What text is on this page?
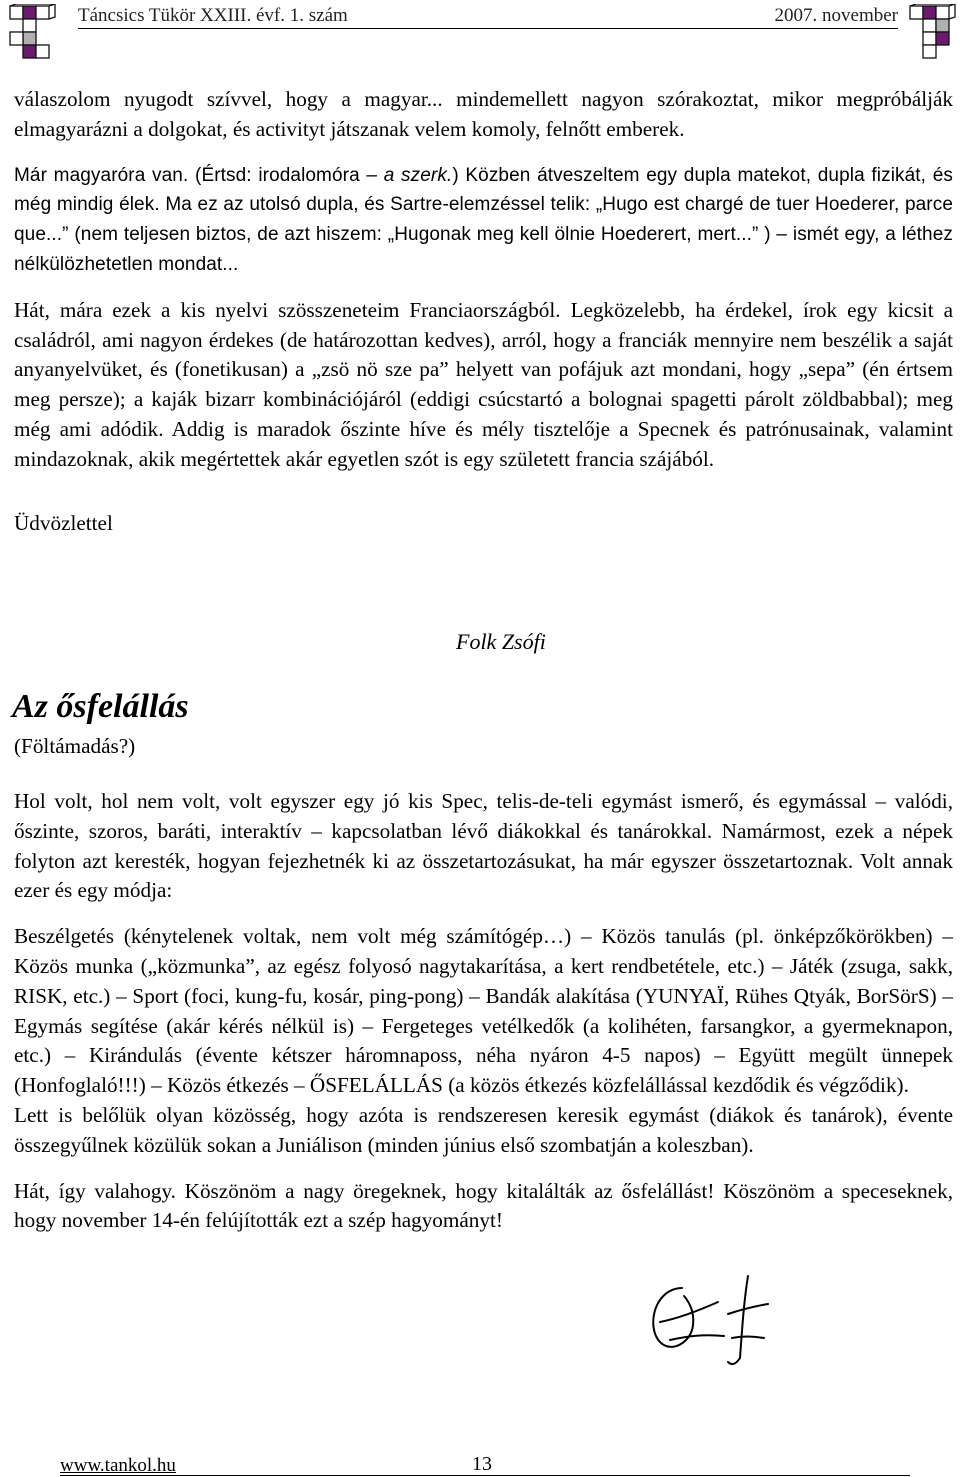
Táncsics Tükör XXIII. évf. 1. szám	2007. november

válaszolom nyugodt szívvel, hogy a magyar... mindemellett nagyon szórakoztat, mikor megpróbálják elmagyarázni a dolgokat, és activityt játszanak velem komoly, felnőtt emberek.

Már magyaróra van. (Értsd: irodalomóra – a szerk.) Közben átveszeltem egy dupla matekot, dupla fizikát, és még mindig élek. Ma ez az utolsó dupla, és Sartre-elemzéssel telik: „Hugo est chargé de tuer Hoederer, parce que...” (nem teljesen biztos, de azt hiszem: „Hugonak meg kell ölnie Hoederert, mert...” ) – ismét egy, a léthez nélkülözhetetlen mondat...

Hát, mára ezek a kis nyelvi szösszeneteim Franciaországból. Legközelebb, ha érdekel, írok egy kicsit a családról, ami nagyon érdekes (de határozottan kedves), arról, hogy a franciák mennyire nem beszélik a saját anyanyelvüket, és (fonetikusan) a „zsö nö sze pa” helyett van pofájuk azt mondani, hogy „sepa” (én értsem meg persze); a kaják bizarr kombinációjáról (eddigi csúcstartó a bolognai spagetti párolt zöldbabbal); meg még ami adódik. Addig is maradok őszinte híve és mély tisztelője a Specnek és patrónusainak, valamint mindazoknak, akik megértettek akár egyetlen szót is egy született francia szájából.

Üdvözlettel

Folk Zsófi
Az ősfelállás
(Föltámadás?)

Hol volt, hol nem volt, volt egyszer egy jó kis Spec, telis-de-teli egymást ismerő, és egymással – valódi, őszinte, szoros, baráti, interaktív – kapcsolatban lévő diákokkal és tanárokkal. Namármost, ezek a népek folyton azt keresték, hogyan fejezhetnék ki az összetartozásukat, ha már egyszer összetartoznak. Volt annak ezer és egy módja:

Beszélgetés (kénytelenek voltak, nem volt még számítógép…) – Közös tanulás (pl. önképzőkörökben) – Közös munka („közmunka”, az egész folyosó nagytakarítása, a kert rendbetétele, etc.) – Játék (zsuga, sakk, RISK, etc.) – Sport (foci, kung-fu, kosár, ping-pong) – Bandák alakítása (YUNYAÏ, Rühes Qtyák, BorSörS) – Egymás segítése (akár kérés nélkül is) – Fergeteges vetélkedők (a kolihéten, farsangkor, a gyermeknapon, etc.) – Kirándulás (évente kétszer háromnaposs, néha nyáron 4-5 napos) – Együtt megült ünnepek (Honfoglaló!!!) – Közös étkezés – ŐSFELÁLLÁS (a közös étkezés közfelállással kezdődik és végződik).

Lett is belőlük olyan közösség, hogy azóta is rendszeresen keresik egymást (diákok és tanárok), évente összegyűlnek közülük sokan a Juniálison (minden június első szombatján a koleszban).

Hát, így valahogy. Köszönöm a nagy öregeknek, hogy kitalálták az ősfelállást! Köszönöm a speceseknek, hogy november 14-én felújították ezt a szép hagyományt!

www.tankol.hu	13
